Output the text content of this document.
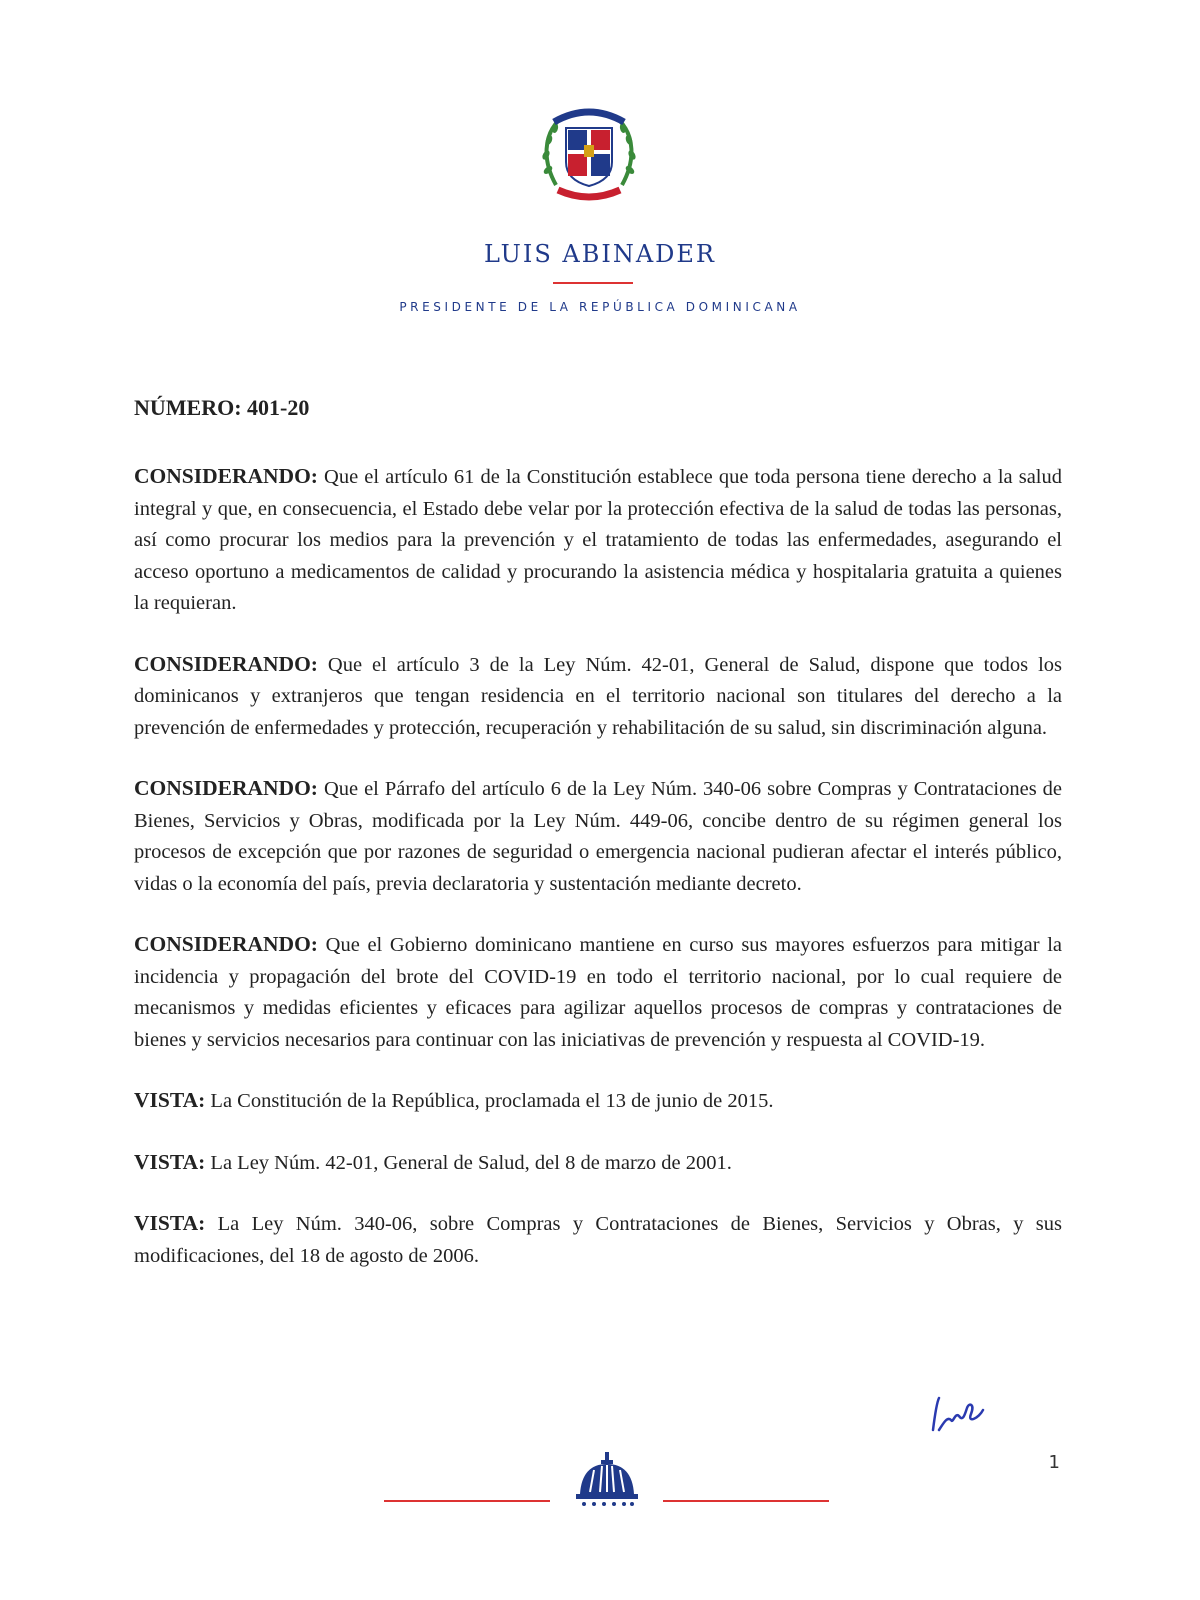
LUIS ABINADER
PRESIDENTE DE LA REPÚBLICA DOMINICANA
NÚMERO: 401-20

CONSIDERANDO: Que el artículo 61 de la Constitución establece que toda persona tiene derecho a la salud integral y que, en consecuencia, el Estado debe velar por la protección efectiva de la salud de todas las personas, así como procurar los medios para la prevención y el tratamiento de todas las enfermedades, asegurando el acceso oportuno a medicamentos de calidad y procurando la asistencia médica y hospitalaria gratuita a quienes la requieran.

CONSIDERANDO: Que el artículo 3 de la Ley Núm. 42-01, General de Salud, dispone que todos los dominicanos y extranjeros que tengan residencia en el territorio nacional son titulares del derecho a la prevención de enfermedades y protección, recuperación y rehabilitación de su salud, sin discriminación alguna.

CONSIDERANDO: Que el Párrafo del artículo 6 de la Ley Núm. 340-06 sobre Compras y Contrataciones de Bienes, Servicios y Obras, modificada por la Ley Núm. 449-06, concibe dentro de su régimen general los procesos de excepción que por razones de seguridad o emergencia nacional pudieran afectar el interés público, vidas o la economía del país, previa declaratoria y sustentación mediante decreto.

CONSIDERANDO: Que el Gobierno dominicano mantiene en curso sus mayores esfuerzos para mitigar la incidencia y propagación del brote del COVID-19 en todo el territorio nacional, por lo cual requiere de mecanismos y medidas eficientes y eficaces para agilizar aquellos procesos de compras y contrataciones de bienes y servicios necesarios para continuar con las iniciativas de prevención y respuesta al COVID-19.

VISTA: La Constitución de la República, proclamada el 13 de junio de 2015.

VISTA: La Ley Núm. 42-01, General de Salud, del 8 de marzo de 2001.

VISTA: La Ley Núm. 340-06, sobre Compras y Contrataciones de Bienes, Servicios y Obras, y sus modificaciones, del 18 de agosto de 2006.

1
